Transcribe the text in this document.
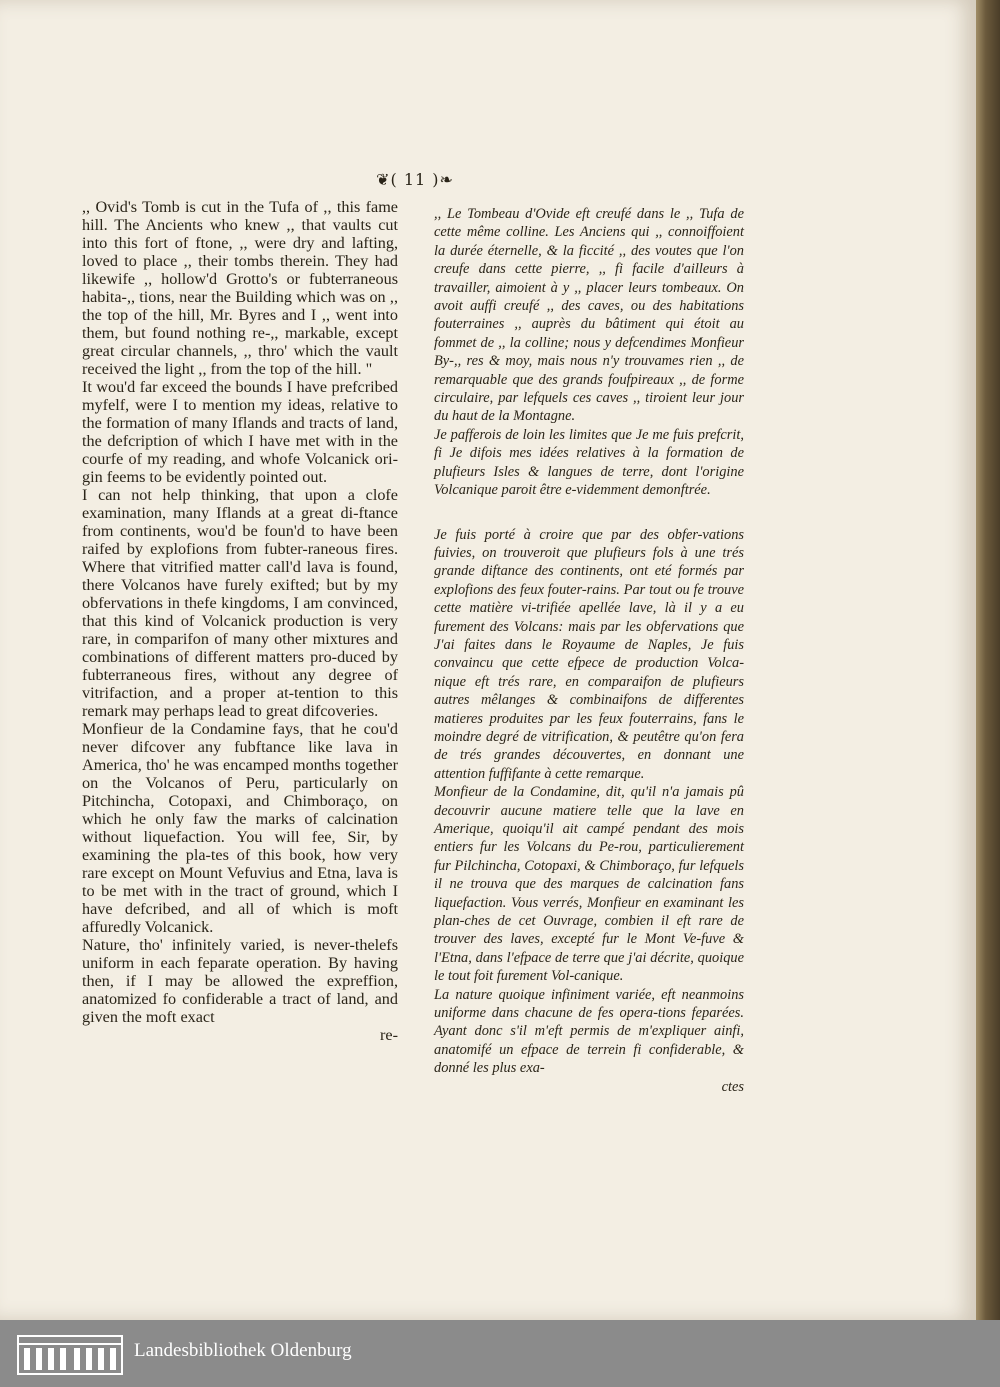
❦( 11 )❧

,, Ovid's Tomb is cut in the Tufa of ,, this fame hill. The Ancients who knew ,, that vaults cut into this fort of ftone, ,, were dry and lafting, loved to place ,, their tombs therein. They had likewife ,, hollow'd Grotto's or fubterraneous habita-,, tions, near the Building which was on ,, the top of the hill, Mr. Byres and I ,, went into them, but found nothing re-,, markable, except great circular channels, ,, thro' which the vault received the light ,, from the top of the hill. "

It wou'd far exceed the bounds I have prefcribed myfelf, were I to mention my ideas, relative to the formation of many Iflands and tracts of land, the defcription of which I have met with in the courfe of my reading, and whofe Volcanick ori-gin feems to be evidently pointed out.

I can not help thinking, that upon a clofe examination, many Iflands at a great di-ftance from continents, wou'd be foun'd to have been raifed by explofions from fubter-raneous fires. Where that vitrified matter call'd lava is found, there Volcanos have furely exifted; but by my obfervations in thefe kingdoms, I am convinced, that this kind of Volcanick production is very rare, in comparifon of many other mixtures and combinations of different matters pro-duced by fubterraneous fires, without any degree of vitrifaction, and a proper at-tention to this remark may perhaps lead to great difcoveries.

Monfieur de la Condamine fays, that he cou'd never difcover any fubftance like lava in America, tho' he was encamped months together on the Volcanos of Peru, particularly on Pitchincha, Cotopaxi, and Chimboraço, on which he only faw the marks of calcination without liquefaction. You will fee, Sir, by examining the pla-tes of this book, how very rare except on Mount Vefuvius and Etna, lava is to be met with in the tract of ground, which I have defcribed, and all of which is moft affuredly Volcanick.

Nature, tho' infinitely varied, is never-thelefs uniform in each feparate operation. By having then, if I may be allowed the expreffion, anatomized fo confiderable a tract of land, and given the moft exact

re-

,, Le Tombeau d'Ovide eft creufé dans le ,, Tufa de cette même colline. Les Anciens qui ,, connoiffoient la durée éternelle, & la ficcité ,, des voutes que l'on creufe dans cette pierre, ,, fi facile d'ailleurs à travailler, aimoient à y ,, placer leurs tombeaux. On avoit auffi creufé ,, des caves, ou des habitations fouterraines ,, auprès du bâtiment qui étoit au fommet de ,, la colline; nous y defcendimes Monfieur By-,, res & moy, mais nous n'y trouvames rien ,, de remarquable que des grands foufpireaux ,, de forme circulaire, par lefquels ces caves ,, tiroient leur jour du haut de la Montagne.

Je pafferois de loin les limites que Je me fuis prefcrit, fi Je difois mes idées relatives à la formation de plufieurs Isles & langues de terre, dont l'origine Volcanique paroit être e-videmment demonftrée.

Je fuis porté à croire que par des obfer-vations fuivies, on trouveroit que plufieurs fols à une trés grande diftance des continents, ont eté formés par explofions des feux fouter-rains. Par tout ou fe trouve cette matière vi-trifiée apellée lave, là il y a eu furement des Volcans: mais par les obfervations que J'ai faites dans le Royaume de Naples, Je fuis convaincu que cette efpece de production Volca-nique eft trés rare, en comparaifon de plufieurs autres mêlanges & combinaifons de differentes matieres produites par les feux fouterrains, fans le moindre degré de vitrification, & peutêtre qu'on fera de trés grandes découvertes, en donnant une attention fuffifante à cette remarque.

Monfieur de la Condamine, dit, qu'il n'a jamais pû decouvrir aucune matiere telle que la lave en Amerique, quoiqu'il ait campé pendant des mois entiers fur les Volcans du Pe-rou, particulierement fur Pilchincha, Cotopaxi, & Chimboraço, fur lefquels il ne trouva que des marques de calcination fans liquefaction. Vous verrés, Monfieur en examinant les plan-ches de cet Ouvrage, combien il eft rare de trouver des laves, excepté fur le Mont Ve-fuve & l'Etna, dans l'efpace de terre que j'ai décrite, quoique le tout foit furement Vol-canique.

La nature quoique infiniment variée, eft neanmoins uniforme dans chacune de fes opera-tions feparées. Ayant donc s'il m'eft permis de m'expliquer ainfi, anatomifé un efpace de terrein fi confiderable, & donné les plus exa-

ctes

Landesbibliothek Oldenburg
